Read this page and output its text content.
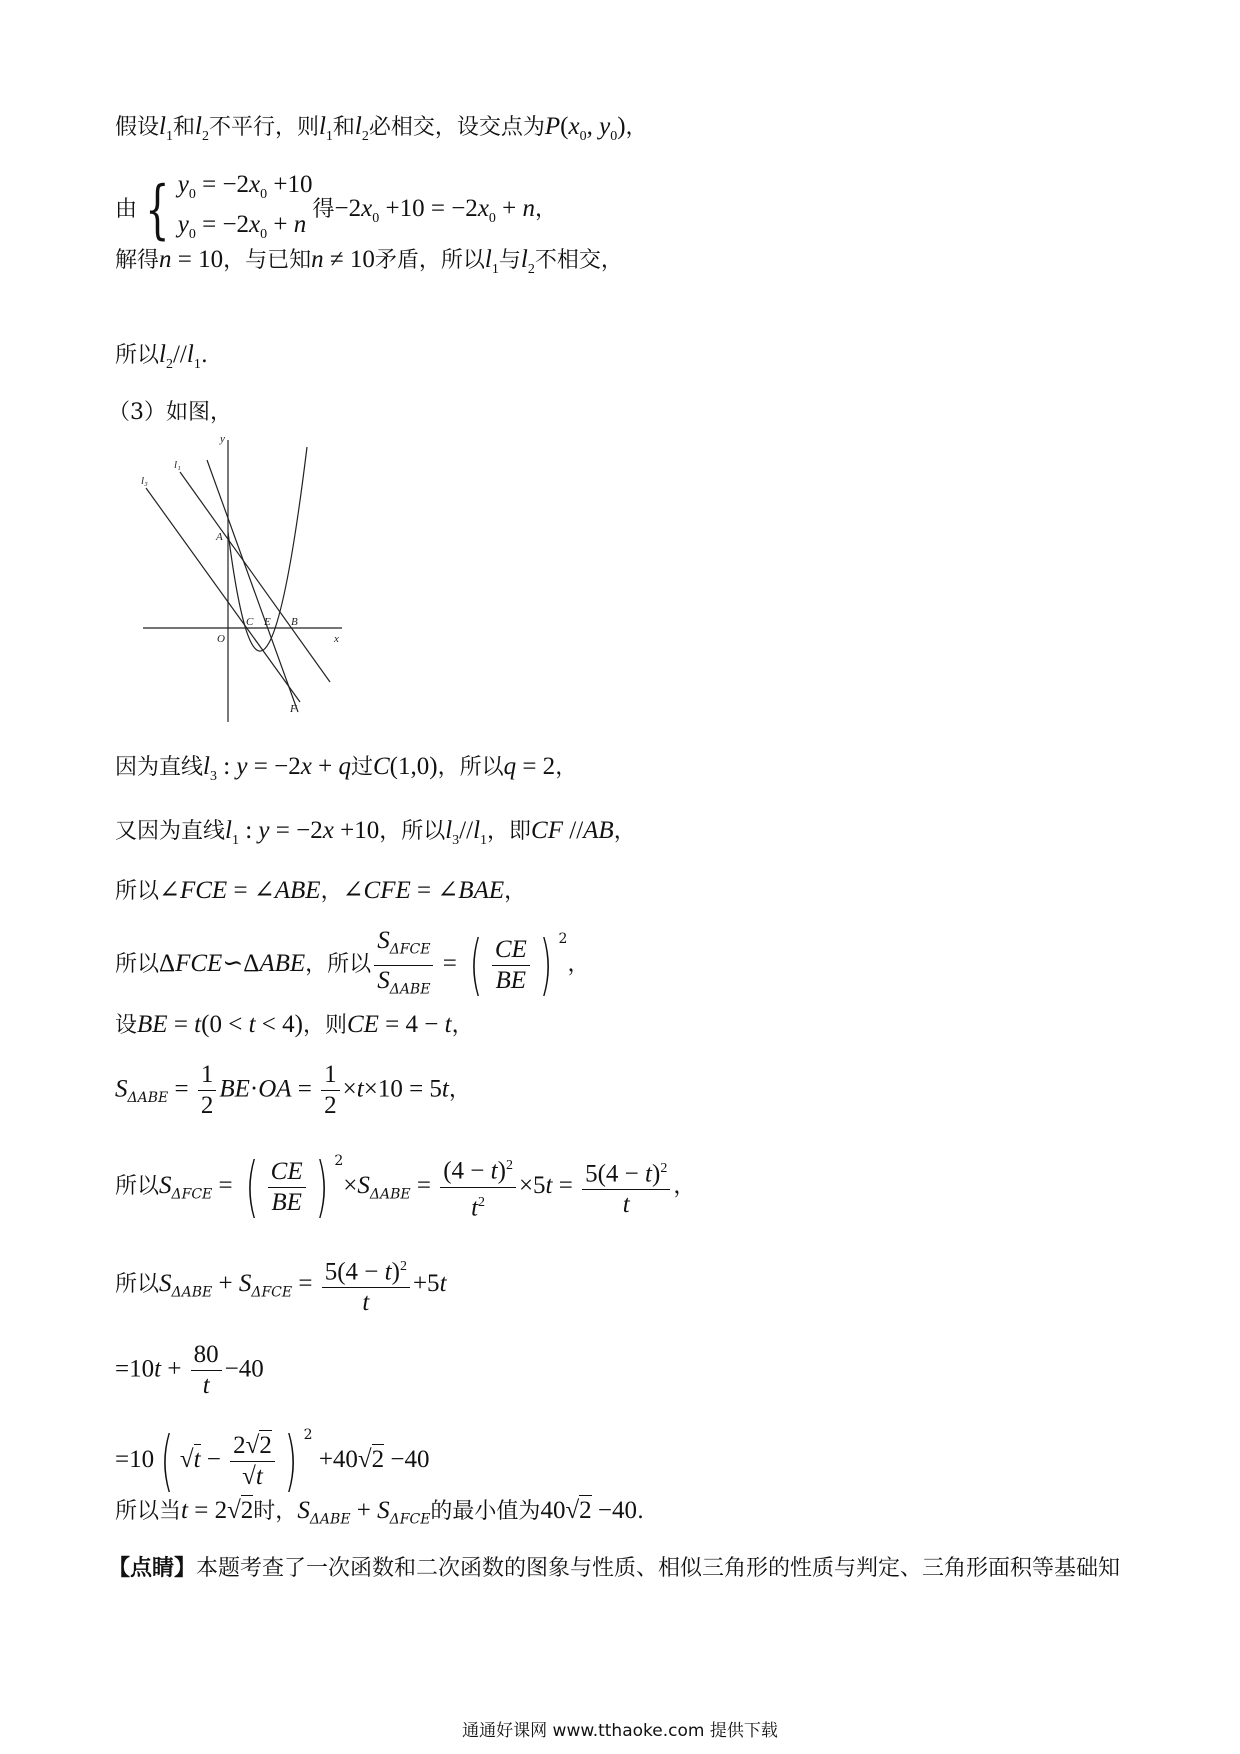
假设$l_1$和$l_2$不平行，则$l_1$和$l_2$必相交，设交点为$P(x_0$, $y_0$)，
由 { $y_0 = -2x_0 +10$
$y_0 = -2x_0 + n$
得$-2x_0 +10 = -2x_0 + n$，
解得n = 10，与已知n ≠ 10矛盾，所以$l_1$与$l_2$不相交，
所以$l_2//l_1$.
（3）如图，
y
x
O
A
C E B
F
l₁
l₃
因为直线$l_3$ : y = −2x + q过C(1,0)，所以q = 2，
又因为直线$l_1$ : y = −2x +10，所以$l_3//l_1$，即CF //AB，
所以∠FCE = ∠ABE，∠CFE = ∠BAE，
所以ΔFCE∽ΔABE，所以 $\frac{S_{\Delta FCE}}{S_{\Delta ABE}}$ = ( $\frac{CE}{BE}$ ) $^2$，
设BE = t(0 < t < 4)，则CE = 4 − t，
$S_{\Delta ABE} = \frac{1}{2} BE\cdot OA = \frac{1}{2} \times t\times 10 = 5t$，
所以$S_{\Delta FCE}$ = ( $\frac{CE}{BE}$ ) $^2\times S_{\Delta ABE} = \frac{(4 - t)^2}{t^2} \times 5t = \frac{5(4 - t)^2}{t}$ ，
所以$S_{\Delta ABE} + S_{\Delta FCE} = \frac{5(4 - t)^2}{t} +5t$
$=10t + \frac{80}{t} -40$
=10( $√t - \frac{2√2}{√t}$ ) $^2$ +40√2 −40
所以当t = 2√2时，$S_{\Delta ABE} + S_{\Delta FCE}$的最小值为40√2 −40.
【点睛】本题考查了一次函数和二次函数的图象与性质、相似三角形的性质与判定、三角形面积等基础知
通通好课网 www.tthaoke.com 提供下载
